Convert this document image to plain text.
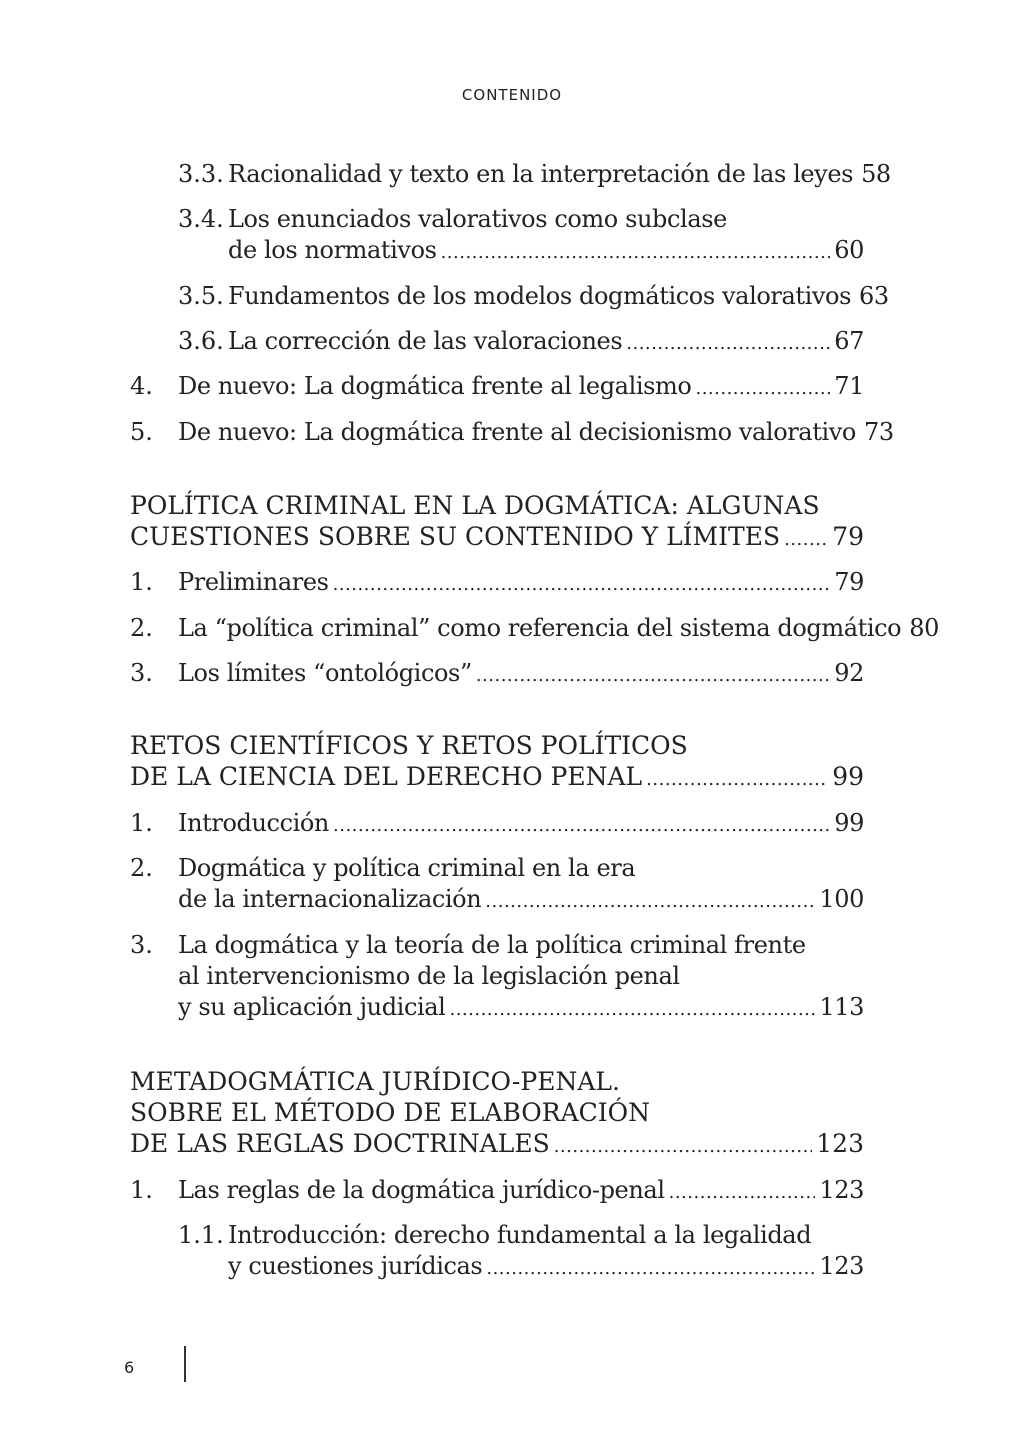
CONTENIDO
3.3. Racionalidad y texto en la interpretación de las leyes 58
3.4. Los enunciados valorativos como subclase
de los normativos .....	60
3.5. Fundamentos de los modelos dogmáticos valorativos 63
3.6. La corrección de las valoraciones .....	67
4. De nuevo: La dogmática frente al legalismo .....	71
5. De nuevo: La dogmática frente al decisionismo valorativo 73
POLÍTICA CRIMINAL EN LA DOGMÁTICA: ALGUNAS
CUESTIONES SOBRE SU CONTENIDO Y LÍMITES ..... 79
1. Preliminares .....	79
2. La “política criminal” como referencia del sistema dogmático 80
3. Los límites “ontológicos” .....	92
RETOS CIENTÍFICOS Y RETOS POLÍTICOS
DE LA CIENCIA DEL DERECHO PENAL .....	99
1. Introducción .....	99
2. Dogmática y política criminal en la era
de la internacionalización .....	100
3. La dogmática y la teoría de la política criminal frente
al intervencionismo de la legislación penal
y su aplicación judicial .....	113
METADOGMÁTICA JURÍDICO-PENAL.
SOBRE EL MÉTODO DE ELABORACIÓN
DE LAS REGLAS DOCTRINALES .....	123
1. Las reglas de la dogmática jurídico-penal .....	123
1.1. Introducción: derecho fundamental a la legalidad
y cuestiones jurídicas .....	123
6
